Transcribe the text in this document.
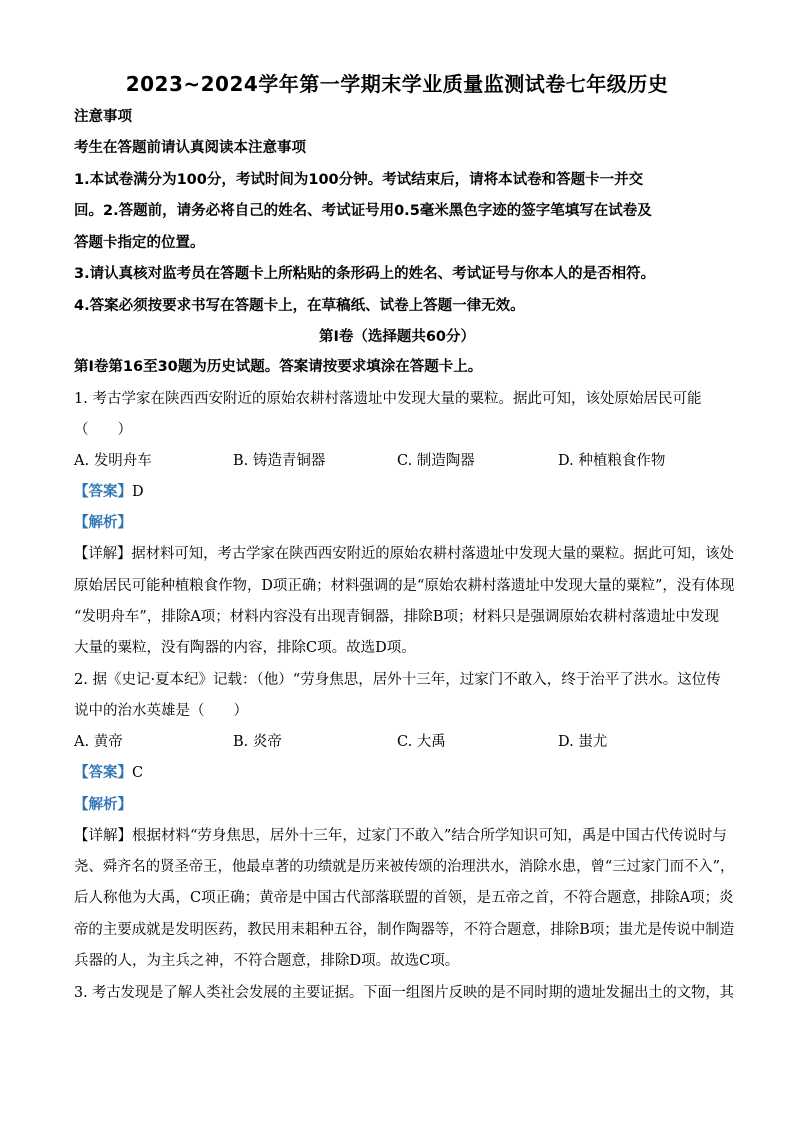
2023~2024学年第一学期末学业质量监测试卷七年级历史
注意事项
考生在答题前请认真阅读本注意事项
1.本试卷满分为100分，考试时间为100分钟。考试结束后，请将本试卷和答题卡一并交
回。2.答题前，请务必将自己的姓名、考试证号用0.5毫米黑色字迹的签字笔填写在试卷及
答题卡指定的位置。
3.请认真核对监考员在答题卡上所粘贴的条形码上的姓名、考试证号与你本人的是否相符。
4.答案必须按要求书写在答题卡上，在草稿纸、试卷上答题一律无效。
第Ⅰ卷（选择题共60分）
第Ⅰ卷第16至30题为历史试题。答案请按要求填涂在答题卡上。
1. 考古学家在陕西西安附近的原始农耕村落遗址中发现大量的粟粒。据此可知，该处原始居民可能
（　　）
A. 发明舟车	B. 铸造青铜器	C. 制造陶器	D. 种植粮食作物
【答案】D
【解析】
【详解】据材料可知，考古学家在陕西西安附近的原始农耕村落遗址中发现大量的粟粒。据此可知，该处
原始居民可能种植粮食作物，D项正确；材料强调的是“原始农耕村落遗址中发现大量的粟粒”，没有体现
“发明舟车”，排除A项；材料内容没有出现青铜器，排除B项；材料只是强调原始农耕村落遗址中发现
大量的粟粒，没有陶器的内容，排除C项。故选D项。
2. 据《史记·夏本纪》记载：（他）“劳身焦思，居外十三年，过家门不敢入，终于治平了洪水。这位传
说中的治水英雄是（　　）
A. 黄帝	B. 炎帝	C. 大禹	D. 蚩尤
【答案】C
【解析】
【详解】根据材料“劳身焦思，居外十三年，过家门不敢入”结合所学知识可知，禹是中国古代传说时与
尧、舜齐名的贤圣帝王，他最卓著的功绩就是历来被传颂的治理洪水，消除水患，曾“三过家门而不入”，
后人称他为大禹，C项正确；黄帝是中国古代部落联盟的首领，是五帝之首，不符合题意，排除A项；炎
帝的主要成就是发明医药，教民用耒耜种五谷，制作陶器等，不符合题意，排除B项；蚩尤是传说中制造
兵器的人，为主兵之神，不符合题意，排除D项。故选C项。
3. 考古发现是了解人类社会发展的主要证据。下面一组图片反映的是不同时期的遗址发掘出土的文物，其
